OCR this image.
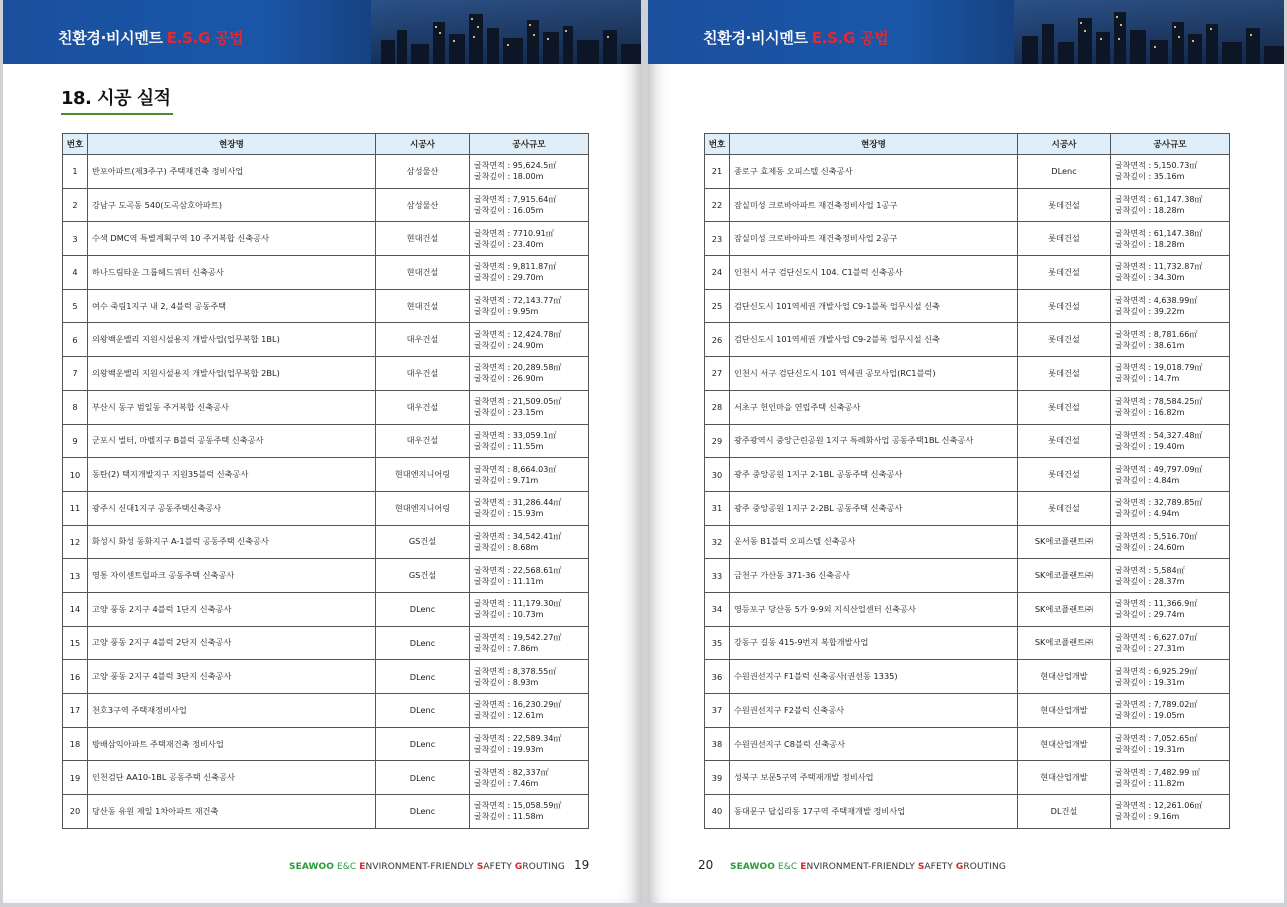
친환경·비시멘트 E.S.G 공법
18. 시공 실적
번호	현장명	시공사	공사규모
1	반포아파트(제3주구) 주택재건축 정비사업	삼성물산	굴착면적 : 95,624.5㎡
굴착깊이 : 18.00m

2	강남구 도곡동 540(도곡삼호아파트)	삼성물산	굴착면적 : 7,915.64㎡
굴착깊이 : 16.05m

3	수색 DMC역 특별계획구역 10 주거복합 신축공사	현대건설	굴착면적 : 7710.91㎡
굴착깊이 : 23.40m

4	하나드림타운 그룹헤드쿼터 신축공사	현대건설	굴착면적 : 9,811.87㎡
굴착깊이 : 29.70m

5	여수 죽림1지구 내 2, 4블럭 공동주택	현대건설	굴착면적 : 72,143.77㎡
굴착깊이 : 9.95m

6	의왕백운밸리 지원시설용지 개발사업(업무복합 1BL)	대우건설	굴착면적 : 12,424.78㎡
굴착깊이 : 24.90m

7	의왕백운밸리 지원시설용지 개발사업(업무복합 2BL)	대우건설	굴착면적 : 20,289.58㎡
굴착깊이 : 26.90m

8	부산시 동구 범일동 주거복합 신축공사	대우건설	굴착면적 : 21,509.05㎡
굴착깊이 : 23.15m

9	군포시 벌터, 마벨지구 B블럭 공동주택 신축공사	대우건설	굴착면적 : 33,059.1㎡
굴착깊이 : 11.55m

10	동탄(2) 택지개발지구 지원35블럭 신축공사	현대엔지니어링	굴착면적 : 8,664.03㎡
굴착깊이 : 9.71m

11	광주시 신대1지구 공동주택신축공사	현대엔지니어링	굴착면적 : 31,286.44㎡
굴착깊이 : 15.93m

12	화성시 화성 동화지구 A-1블럭 공동주택 신축공사	GS건설	굴착면적 : 34,542.41㎡
굴착깊이 : 8.68m

13	영통 자이센트럴파크 공동주택 신축공사	GS건설	굴착면적 : 22,568.61㎡
굴착깊이 : 11.11m

14	고양 풍동 2지구 4블럭 1단지 신축공사	DLenc	굴착면적 : 11,179.30㎡
굴착깊이 : 10.73m

15	고양 풍동 2지구 4블럭 2단지 신축공사	DLenc	굴착면적 : 19,542.27㎡
굴착깊이 : 7.86m

16	고양 풍동 2지구 4블럭 3단지 신축공사	DLenc	굴착면적 : 8,378.55㎡
굴착깊이 : 8.93m

17	천호3구역 주택재정비사업	DLenc	굴착면적 : 16,230.29㎡
굴착깊이 : 12.61m

18	방배삼익아파트 주택재건축 정비사업	DLenc	굴착면적 : 22,589.34㎡
굴착깊이 : 19.93m

19	인천검단 AA10-1BL 공동주택 신축공사	DLenc	굴착면적 : 82,337㎡
굴착깊이 : 7.46m

20	당산동 유원 제일 1차아파트 재건축	DLenc	굴착면적 : 15,058.59㎡
굴착깊이 : 11.58m
SEAWOO E&C ENVIRONMENT-FRIENDLY SAFETY GROUTING 19
친환경·비시멘트 E.S.G 공법
번호	현장명	시공사	공사규모
21	종로구 효제동 오피스텔 신축공사	DLenc	굴착면적 : 5,150.73㎡
굴착깊이 : 35.16m

22	잠실미성 크로바아파트 재건축정비사업 1공구	롯데건설	굴착면적 : 61,147.38㎡
굴착깊이 : 18.28m

23	잠실미성 크로바아파트 재건축정비사업 2공구	롯데건설	굴착면적 : 61,147.38㎡
굴착깊이 : 18.28m

24	인천시 서구 검단신도시 104. C1블럭 신축공사	롯데건설	굴착면적 : 11,732.87㎡
굴착깊이 : 34.30m

25	검단신도시 101역세권 개발사업 C9-1블록 업무시설 신축	롯데건설	굴착면적 : 4,638.99㎡
굴착깊이 : 39.22m

26	검단신도시 101역세권 개발사업 C9-2블록 업무시설 신축	롯데건설	굴착면적 : 8,781.66㎡
굴착깊이 : 38.61m

27	인천시 서구 검단신도시 101 역세권 공모사업(RC1블럭)	롯데건설	굴착면적 : 19,018.79㎡
굴착깊이 : 14.7m

28	서초구 헌인마을 연립주택 신축공사	롯데건설	굴착면적 : 78,584.25㎡
굴착깊이 : 16.82m

29	광주광역시 중앙근린공원 1지구 특례화사업 공동주택1BL 신축공사	롯데건설	굴착면적 : 54,327.48㎡
굴착깊이 : 19.40m

30	광주 중앙공원 1지구 2-1BL 공동주택 신축공사	롯데건설	굴착면적 : 49,797.09㎡
굴착깊이 : 4.84m

31	광주 중앙공원 1지구 2-2BL 공동주택 신축공사	롯데건설	굴착면적 : 32,789.85㎡
굴착깊이 : 4.94m

32	운서동 B1블럭 오피스텔 신축공사	SK에코플랜트㈜	굴착면적 : 5,516.70㎡
굴착깊이 : 24.60m

33	금천구 가산동 371-36 신축공사	SK에코플랜트㈜	굴착면적 : 5,584㎡
굴착깊이 : 28.37m

34	영등포구 당산동 5가 9-9외 지식산업센터 신축공사	SK에코플랜트㈜	굴착면적 : 11,366.9㎡
굴착깊이 : 29.74m

35	강동구 길동 415-9번지 복합개발사업	SK에코플랜트㈜	굴착면적 : 6,627.07㎡
굴착깊이 : 27.31m

36	수원권선지구 F1블럭 신축공사(권선동 1335)	현대산업개발	굴착면적 : 6,925.29㎡
굴착깊이 : 19.31m

37	수원권선지구 F2블럭 신축공사	현대산업개발	굴착면적 : 7,789.02㎡
굴착깊이 : 19.05m

38	수원권선지구 C8블럭 신축공사	현대산업개발	굴착면적 : 7,052.65㎡
굴착깊이 : 19.31m

39	성북구 보문5구역 주택재개발 정비사업	현대산업개발	굴착면적 : 7,482.99 ㎡
굴착깊이 : 11.82m

40	동대문구 답십리동 17구역 주택재개발 정비사업	DL건설	굴착면적 : 12,261.06㎡
굴착깊이 : 9.16m
20 SEAWOO E&C ENVIRONMENT-FRIENDLY SAFETY GROUTING
